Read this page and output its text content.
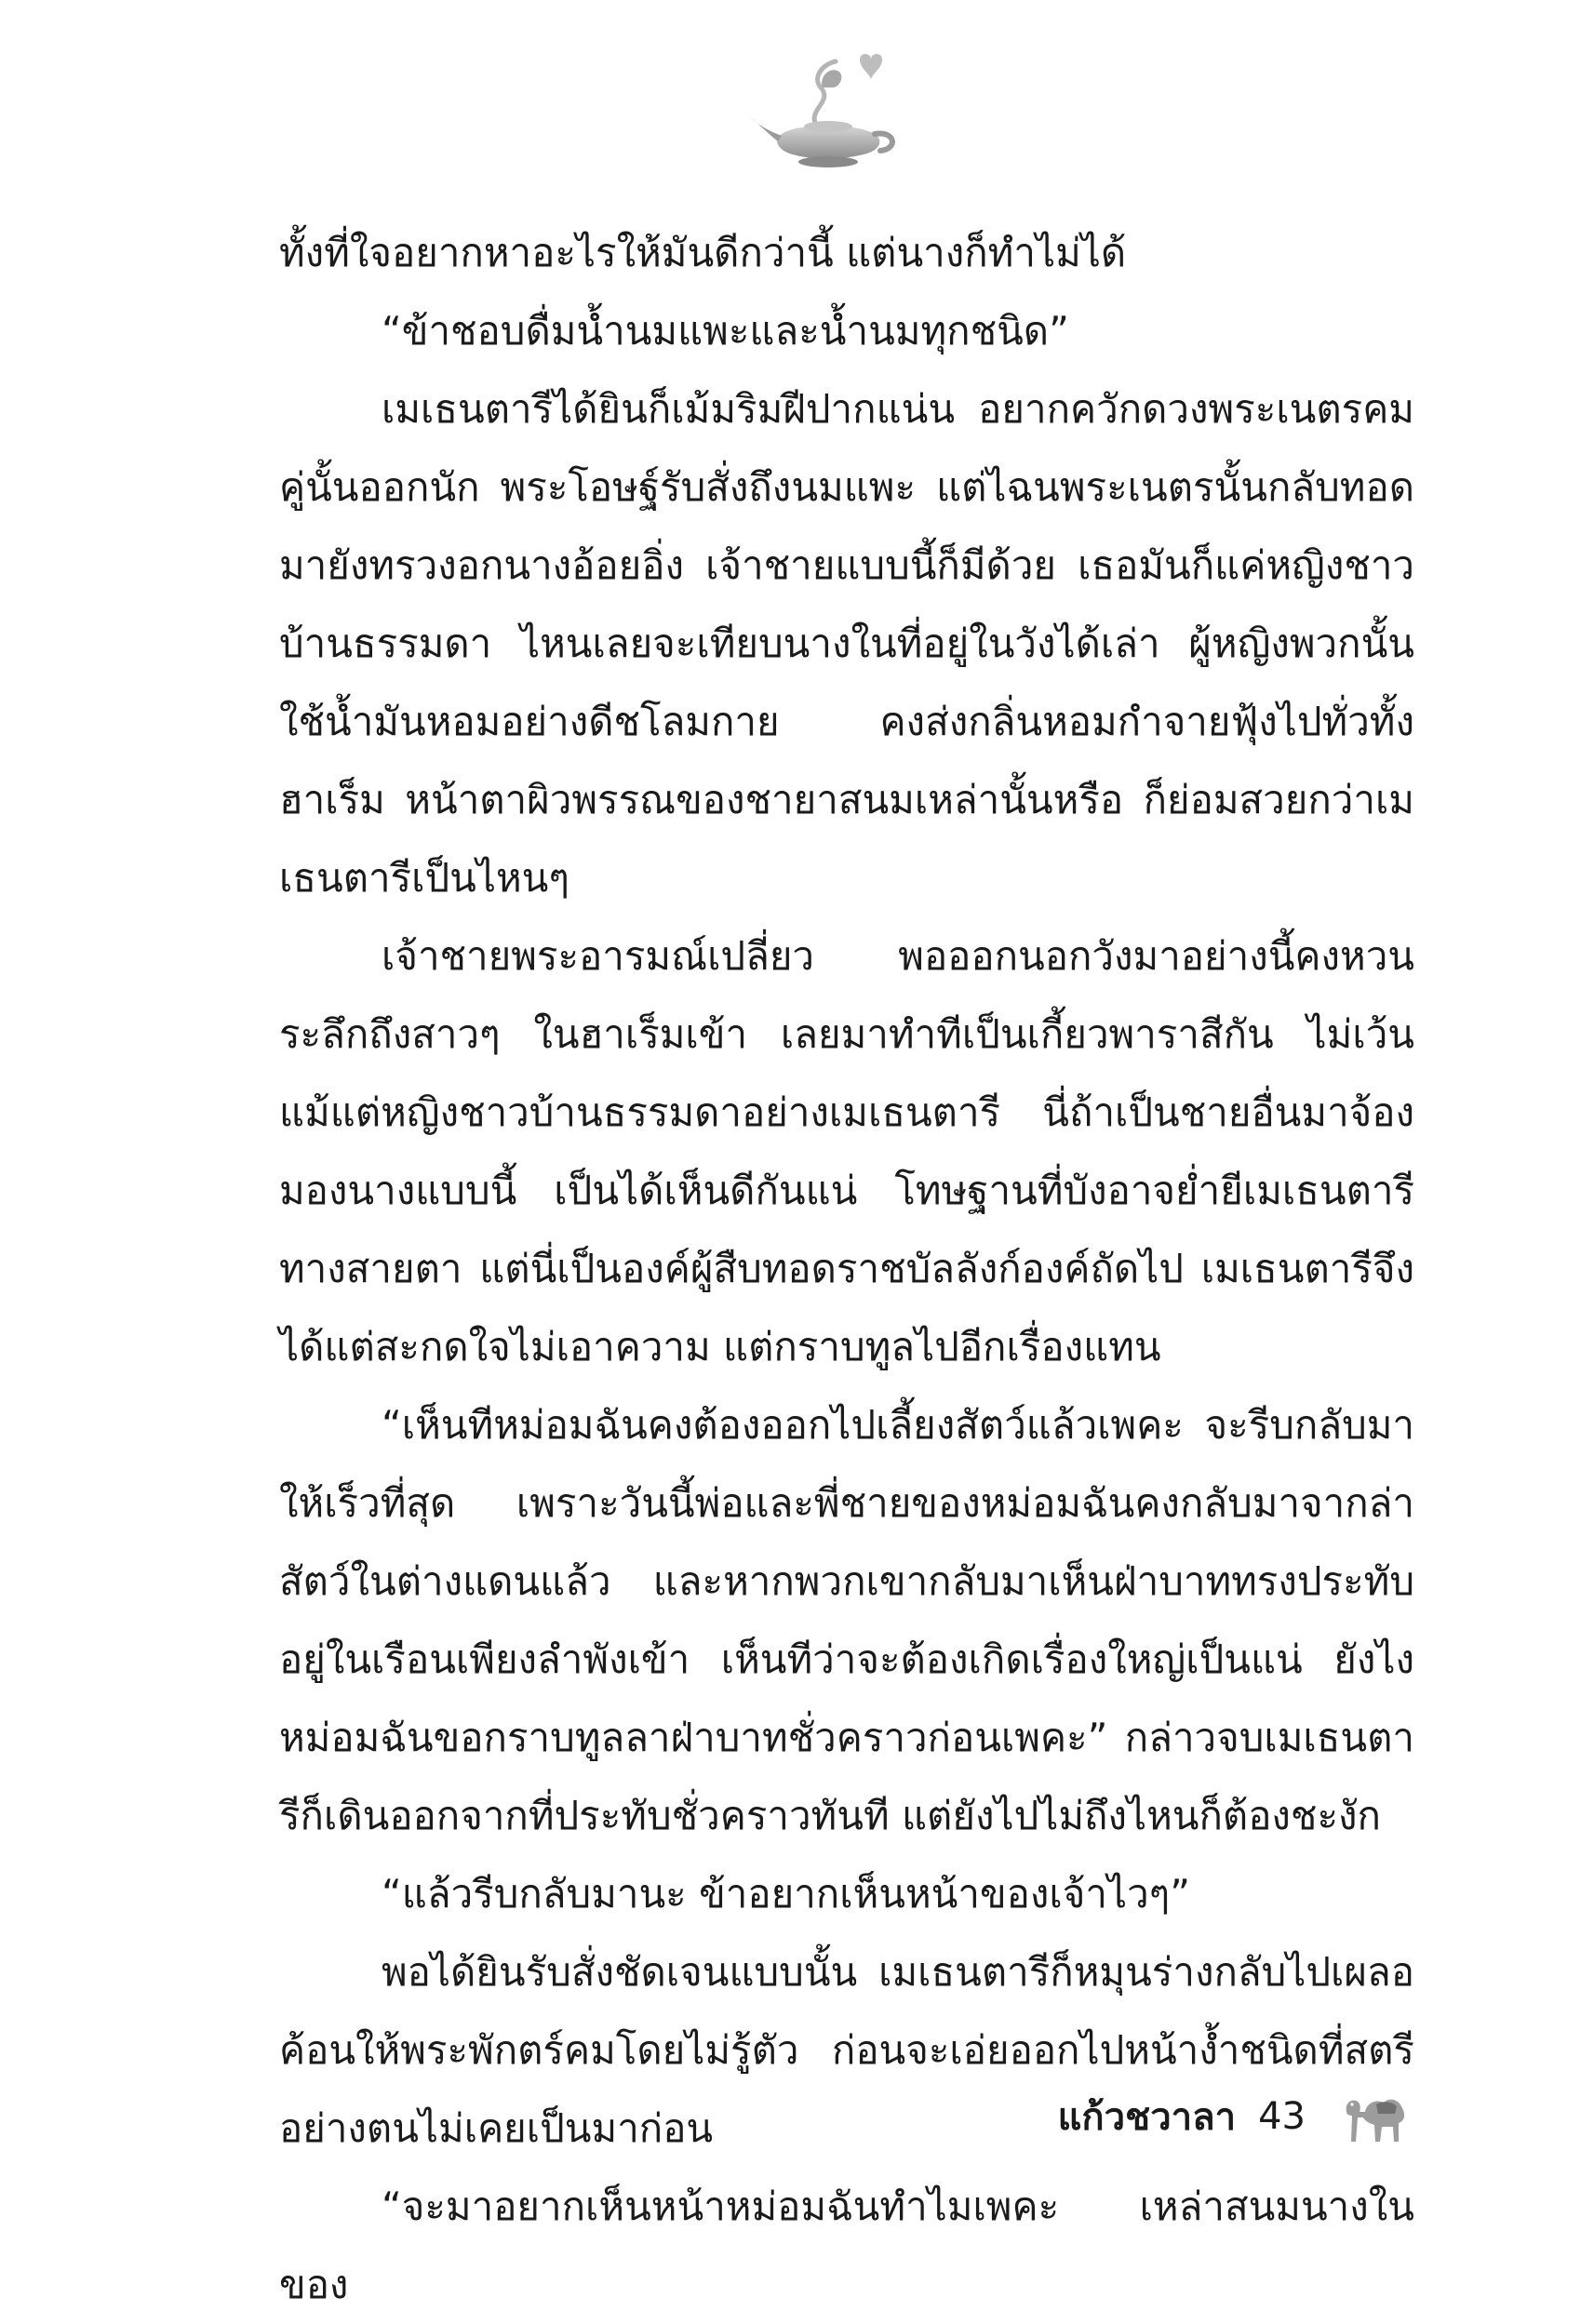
ทั้งที่ใจอยากหาอะไรให้มันดีกว่านี้ แต่นางก็ทำไม่ได้

“ข้าชอบดื่มน้ำนมแพะและน้ำนมทุกชนิด”

เมเธนตารีได้ยินก็เม้มริมฝีปากแน่น อยากควักดวงพระเนตรคมคู่นั้นออกนัก พระโอษฐ์รับสั่งถึงนมแพะ แต่ไฉนพระเนตรนั้นกลับทอดมายังทรวงอกนางอ้อยอิ่ง เจ้าชายแบบนี้ก็มีด้วย เธอมันก็แค่หญิงชาวบ้านธรรมดา ไหนเลยจะเทียบนางในที่อยู่ในวังได้เล่า ผู้หญิงพวกนั้นใช้น้ำมันหอมอย่างดีชโลมกาย คงส่งกลิ่นหอมกำจายฟุ้งไปทั่วทั้งฮาเร็ม หน้าตาผิวพรรณของชายาสนมเหล่านั้นหรือ ก็ย่อมสวยกว่าเมเธนตารีเป็นไหนๆ

เจ้าชายพระอารมณ์เปลี่ยว พอออกนอกวังมาอย่างนี้คงหวนระลึกถึงสาวๆ ในฮาเร็มเข้า เลยมาทำทีเป็นเกี้ยวพาราสีกัน ไม่เว้นแม้แต่หญิงชาวบ้านธรรมดาอย่างเมเธนตารี นี่ถ้าเป็นชายอื่นมาจ้องมองนางแบบนี้ เป็นได้เห็นดีกันแน่ โทษฐานที่บังอาจย่ำยีเมเธนตารีทางสายตา แต่นี่เป็นองค์ผู้สืบทอดราชบัลลังก์องค์ถัดไป เมเธนตารีจึงได้แต่สะกดใจไม่เอาความ แต่กราบทูลไปอีกเรื่องแทน

“เห็นทีหม่อมฉันคงต้องออกไปเลี้ยงสัตว์แล้วเพคะ จะรีบกลับมาให้เร็วที่สุด เพราะวันนี้พ่อและพี่ชายของหม่อมฉันคงกลับมาจากล่าสัตว์ในต่างแดนแล้ว และหากพวกเขากลับมาเห็นฝ่าบาททรงประทับอยู่ในเรือนเพียงลำพังเข้า เห็นทีว่าจะต้องเกิดเรื่องใหญ่เป็นแน่ ยังไงหม่อมฉันขอกราบทูลลาฝ่าบาทชั่วคราวก่อนเพคะ” กล่าวจบเมเธนตารีก็เดินออกจากที่ประทับชั่วคราวทันที แต่ยังไปไม่ถึงไหนก็ต้องชะงัก

“แล้วรีบกลับมานะ ข้าอยากเห็นหน้าของเจ้าไวๆ”

พอได้ยินรับสั่งชัดเจนแบบนั้น เมเธนตารีก็หมุนร่างกลับไปเผลอค้อนให้พระพักตร์คมโดยไม่รู้ตัว ก่อนจะเอ่ยออกไปหน้างํ้าชนิดที่สตรีอย่างตนไม่เคยเป็นมาก่อน

“จะมาอยากเห็นหน้าหม่อมฉันทำไมเพคะ เหล่าสนมนางในของ

แก้วชวาลา 43
